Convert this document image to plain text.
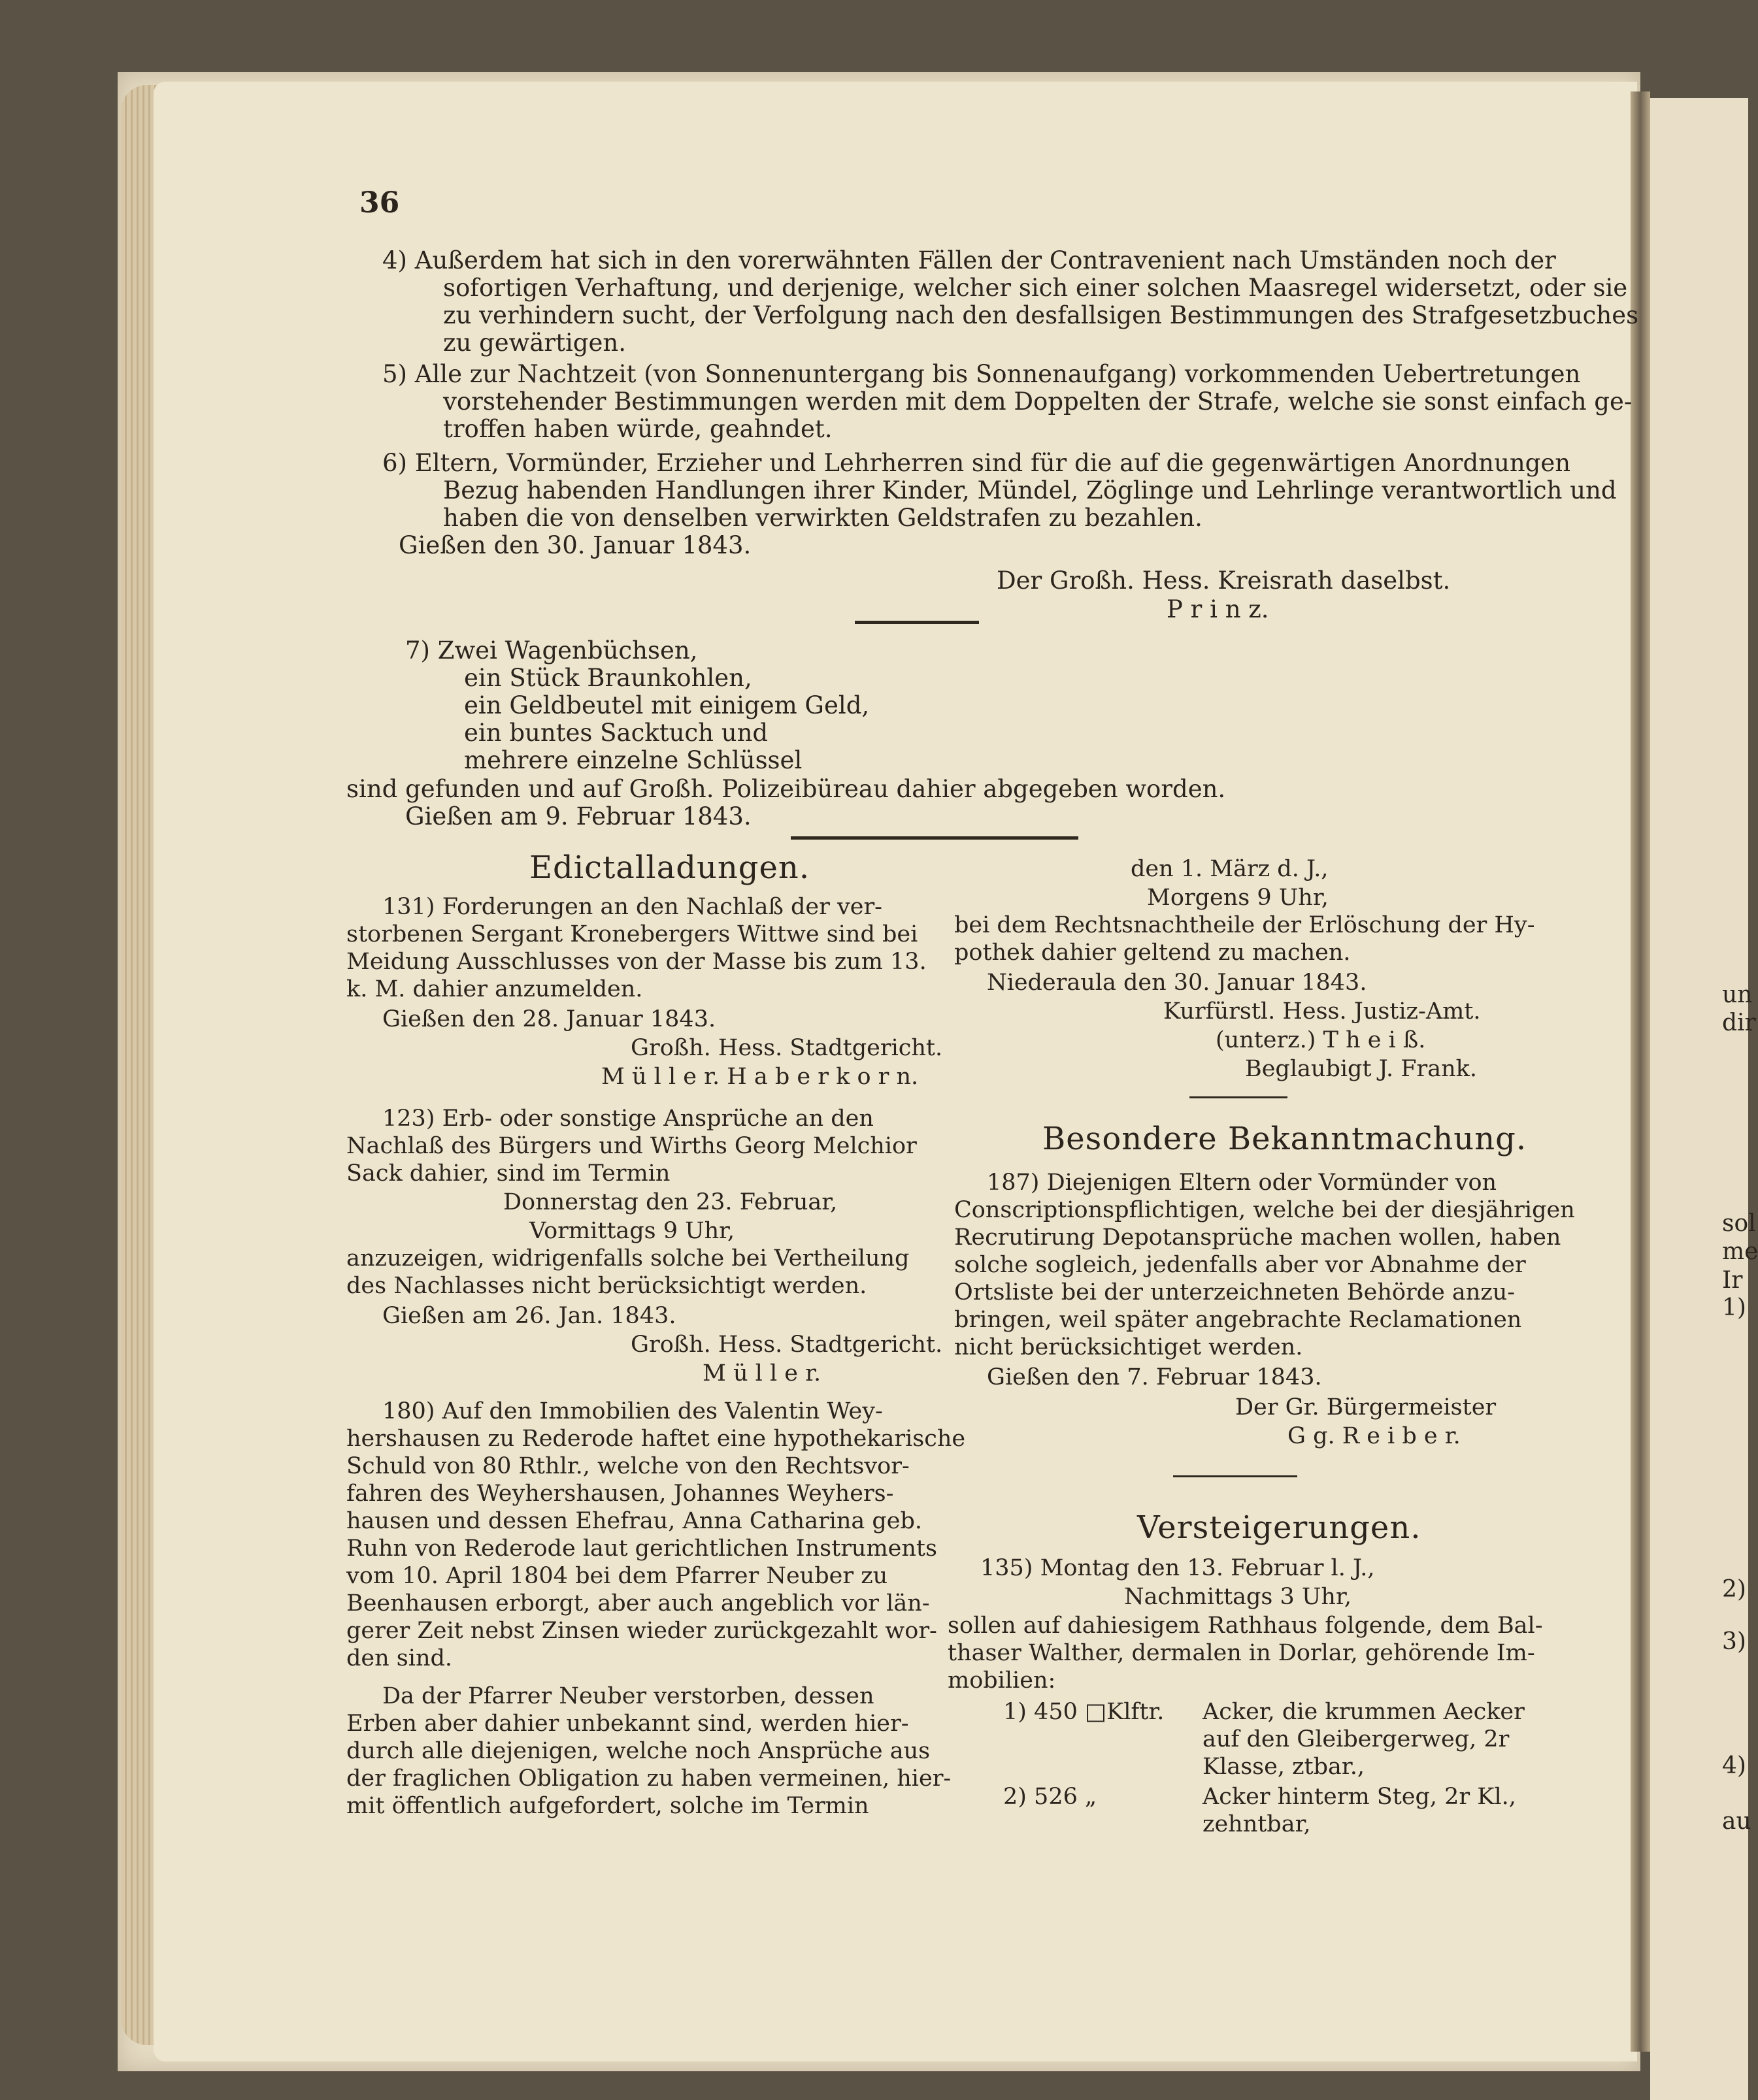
36
4) Außerdem hat sich in den vorerwähnten Fällen der Contravenient nach Umständen noch der
sofortigen Verhaftung, und derjenige, welcher sich einer solchen Maasregel widersetzt, oder sie
zu verhindern sucht, der Verfolgung nach den desfallsigen Bestimmungen des Strafgesetzbuches
zu gewärtigen.
5) Alle zur Nachtzeit (von Sonnenuntergang bis Sonnenaufgang) vorkommenden Uebertretungen
vorstehender Bestimmungen werden mit dem Doppelten der Strafe, welche sie sonst einfach ge-
troffen haben würde, geahndet.
6) Eltern, Vormünder, Erzieher und Lehrherren sind für die auf die gegenwärtigen Anordnungen
Bezug habenden Handlungen ihrer Kinder, Mündel, Zöglinge und Lehrlinge verantwortlich und
haben die von denselben verwirkten Geldstrafen zu bezahlen.
Gießen den 30. Januar 1843.
Der Großh. Hess. Kreisrath daselbst.
P r i n z.
7) Zwei Wagenbüchsen,
ein Stück Braunkohlen,
ein Geldbeutel mit einigem Geld,
ein buntes Sacktuch und
mehrere einzelne Schlüssel
sind gefunden und auf Großh. Polizeibüreau dahier abgegeben worden.
Gießen am 9. Februar 1843.
Edictalladungen.
131) Forderungen an den Nachlaß der ver-
storbenen Sergant Kronebergers Wittwe sind bei
Meidung Ausschlusses von der Masse bis zum 13.
k. M. dahier anzumelden.
Gießen den 28. Januar 1843.
Großh. Hess. Stadtgericht.
M ü l l e r. H a b e r k o r n.
123) Erb- oder sonstige Ansprüche an den
Nachlaß des Bürgers und Wirths Georg Melchior
Sack dahier, sind im Termin
Donnerstag den 23. Februar,
Vormittags 9 Uhr,
anzuzeigen, widrigenfalls solche bei Vertheilung
des Nachlasses nicht berücksichtigt werden.
Gießen am 26. Jan. 1843.
Großh. Hess. Stadtgericht.
M ü l l e r.
180) Auf den Immobilien des Valentin Wey-
hershausen zu Rederode haftet eine hypothekarische
Schuld von 80 Rthlr., welche von den Rechtsvor-
fahren des Weyhershausen, Johannes Weyhers-
hausen und dessen Ehefrau, Anna Catharina geb.
Ruhn von Rederode laut gerichtlichen Instruments
vom 10. April 1804 bei dem Pfarrer Neuber zu
Beenhausen erborgt, aber auch angeblich vor län-
gerer Zeit nebst Zinsen wieder zurückgezahlt wor-
den sind.
Da der Pfarrer Neuber verstorben, dessen
Erben aber dahier unbekannt sind, werden hier-
durch alle diejenigen, welche noch Ansprüche aus
der fraglichen Obligation zu haben vermeinen, hier-
mit öffentlich aufgefordert, solche im Termin
den 1. März d. J.,
Morgens 9 Uhr,
bei dem Rechtsnachtheile der Erlöschung der Hy-
pothek dahier geltend zu machen.
Niederaula den 30. Januar 1843.
Kurfürstl. Hess. Justiz-Amt.
(unterz.) T h e i ß.
Beglaubigt J. Frank.
Besondere Bekanntmachung.
187) Diejenigen Eltern oder Vormünder von
Conscriptionspflichtigen, welche bei der diesjährigen
Recrutirung Depotansprüche machen wollen, haben
solche sogleich, jedenfalls aber vor Abnahme der
Ortsliste bei der unterzeichneten Behörde anzu-
bringen, weil später angebrachte Reclamationen
nicht berücksichtiget werden.
Gießen den 7. Februar 1843.
Der Gr. Bürgermeister
G g. R e i b e r.
Versteigerungen.
135) Montag den 13. Februar l. J.,
Nachmittags 3 Uhr,
sollen auf dahiesigem Rathhaus folgende, dem Bal-
thaser Walther, dermalen in Dorlar, gehörende Im-
mobilien:
1) 450 □Klftr. Acker, die krummen Aecker
auf den Gleibergerweg, 2r
Klasse, ztbar.,
2) 526 „	Acker hinterm Steg, 2r Kl.,
zehntbar,
un
dir
sol
me
Ir
1)
2)
3)
4)
au
